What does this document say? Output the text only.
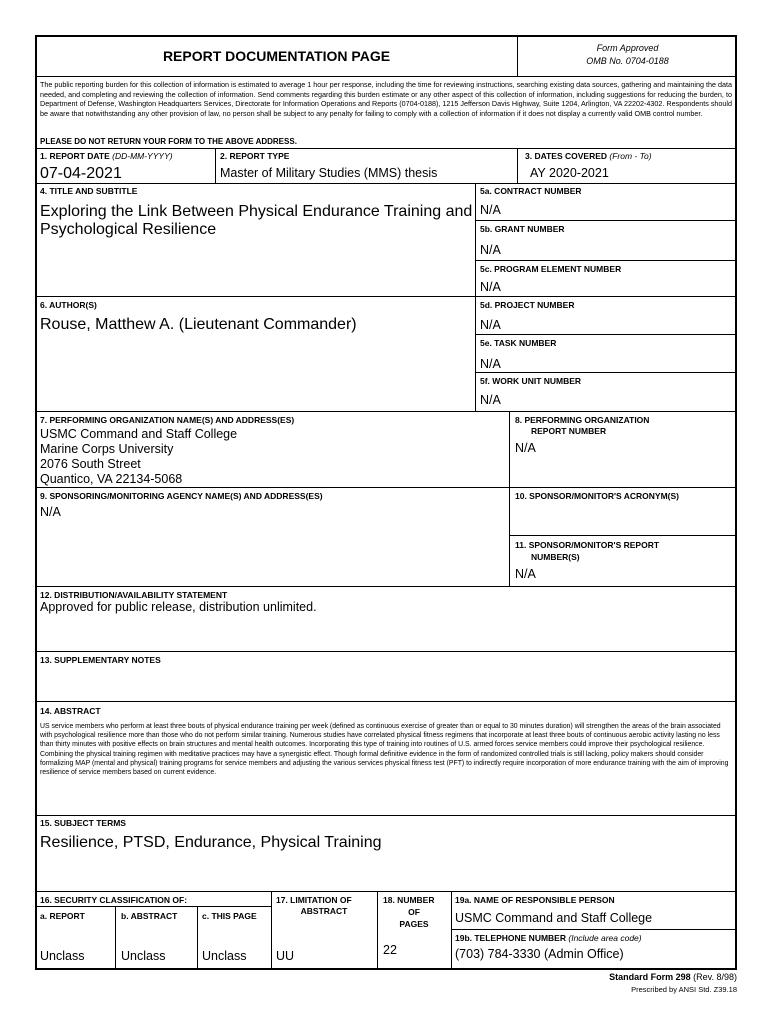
REPORT DOCUMENTATION PAGE	Form Approved
OMB No. 0704-0188
The public reporting burden for this collection of information is estimated to average 1 hour per response, including the time for reviewing instructions, searching existing data sources, gathering and maintaining the data needed, and completing and reviewing the collection of information. Send comments regarding this burden estimate or any other aspect of this collection of information, including suggestions for reducing the burden, to Department of Defense, Washington Headquarters Services, Directorate for Information Operations and Reports (0704-0188), 1215 Jefferson Davis Highway, Suite 1204, Arlington, VA 22202-4302. Respondents should be aware that notwithstanding any other provision of law, no person shall be subject to any penalty for failing to comply with a collection of information if it does not display a currently valid OMB control number.
PLEASE DO NOT RETURN YOUR FORM TO THE ABOVE ADDRESS.
1. REPORT DATE (DD-MM-YYYY)
07-04-2021
2. REPORT TYPE
Master of Military Studies (MMS) thesis
3. DATES COVERED (From - To)
AY 2020-2021
4. TITLE AND SUBTITLE
Exploring the Link Between Physical Endurance Training and
Psychological Resilience
5a. CONTRACT NUMBER
N/A
5b. GRANT NUMBER
N/A
5c. PROGRAM ELEMENT NUMBER
N/A
6. AUTHOR(S)
Rouse, Matthew A. (Lieutenant Commander)
5d. PROJECT NUMBER
N/A
5e. TASK NUMBER
N/A
5f. WORK UNIT NUMBER
N/A
7. PERFORMING ORGANIZATION NAME(S) AND ADDRESS(ES)
USMC Command and Staff College
Marine Corps University
2076 South Street
Quantico, VA 22134-5068
8. PERFORMING ORGANIZATION
REPORT NUMBER
N/A
9. SPONSORING/MONITORING AGENCY NAME(S) AND ADDRESS(ES)
N/A
10. SPONSOR/MONITOR'S ACRONYM(S)
11. SPONSOR/MONITOR'S REPORT
NUMBER(S)
N/A
12. DISTRIBUTION/AVAILABILITY STATEMENT
Approved for public release, distribution unlimited.
13. SUPPLEMENTARY NOTES
14. ABSTRACT
US service members who perform at least three bouts of physical endurance training per week (defined as continuous exercise of greater than or equal to 30 minutes duration) will strengthen the areas of the brain associated with psychological resilience more than those who do not perform similar training. Numerous studies have correlated physical fitness regimens that incorporate at least three bouts of continuous aerobic activity lasting no less than thirty minutes with positive effects on brain structures and mental health outcomes. Incorporating this type of training into routines of U.S. armed forces service members could improve their psychological resilience. Combining the physical training regimen with meditative practices may have a synergistic effect. Though formal definitive evidence in the form of randomized controlled trials is still lacking, policy makers should consider formalizing MAP (mental and physical) training programs for service members and adjusting the various services physical fitness test (PFT) to indirectly require incorporation of more endurance training with the aim of improving resilience of service members based on current evidence.
15. SUBJECT TERMS
Resilience, PTSD, Endurance, Physical Training
16. SECURITY CLASSIFICATION OF:
a. REPORT	b. ABSTRACT	c. THIS PAGE
Unclass	Unclass	Unclass
17. LIMITATION OF
ABSTRACT
UU
18. NUMBER
OF
PAGES
22
19a. NAME OF RESPONSIBLE PERSON
USMC Command and Staff College
19b. TELEPHONE NUMBER (Include area code)
(703) 784-3330 (Admin Office)
Standard Form 298 (Rev. 8/98)
Prescribed by ANSI Std. Z39.18
